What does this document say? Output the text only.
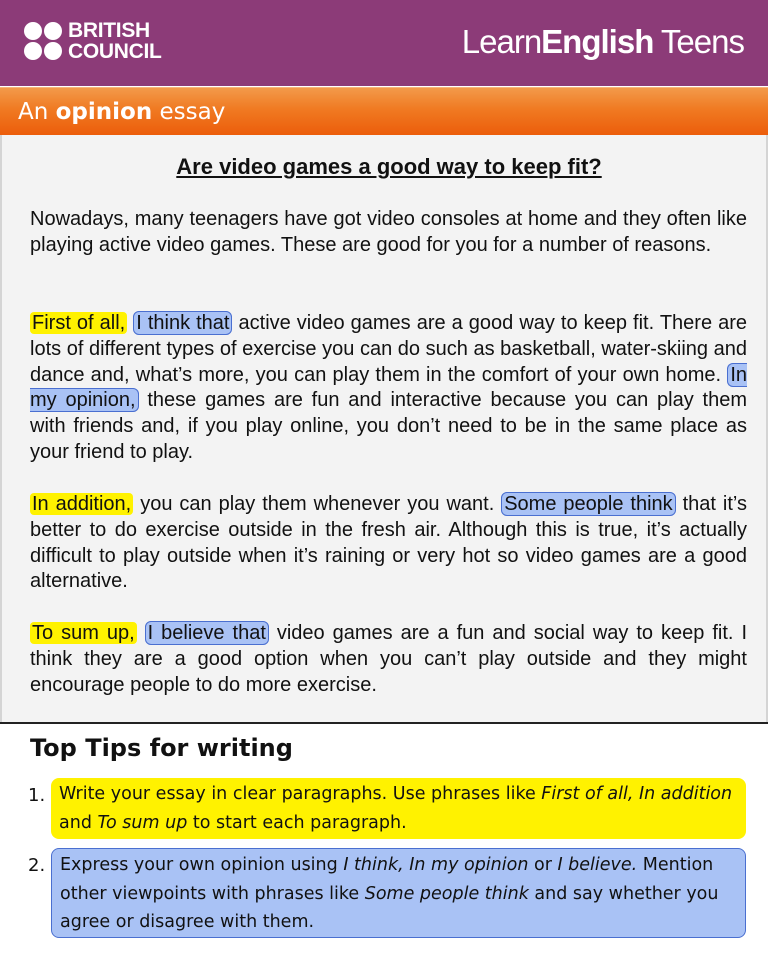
BRITISH
COUNCIL	LearnEnglish Teens
An opinion essay
Are video games a good way to keep fit?
Nowadays, many teenagers have got video consoles at home and they often like playing active video games. These are good for you for a number of reasons.
First of all, I think that active video games are a good way to keep fit. There are lots of different types of exercise you can do such as basketball, water-skiing and dance and, what’s more, you can play them in the comfort of your own home. In my opinion, these games are fun and interactive because you can play them with friends and, if you play online, you don’t need to be in the same place as your friend to play.
In addition, you can play them whenever you want. Some people think that it’s better to do exercise outside in the fresh air. Although this is true, it’s actually difficult to play outside when it’s raining or very hot so video games are a good alternative.
To sum up, I believe that video games are a fun and social way to keep fit. I think they are a good option when you can’t play outside and they might encourage people to do more exercise.
Top Tips for writing
1. Write your essay in clear paragraphs. Use phrases like First of all, In addition and To sum up to start each paragraph.
2. Express your own opinion using I think, In my opinion or I believe. Mention other viewpoints with phrases like Some people think and say whether you agree or disagree with them.
